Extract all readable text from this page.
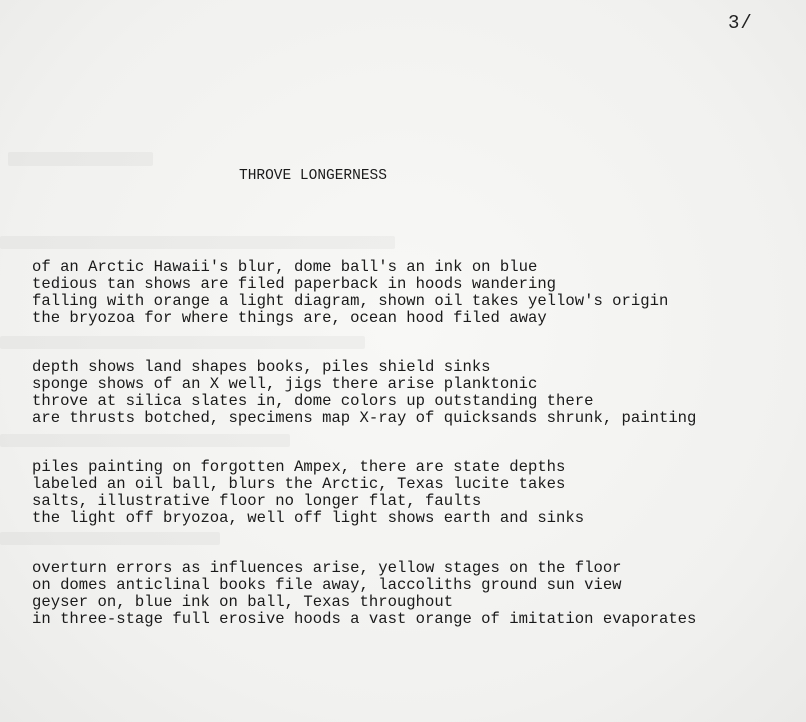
3/
THROVE LONGERNESS
of an Arctic Hawaii's blur, dome ball's an ink on blue
tedious tan shows are filed paperback in hoods wandering
falling with orange a light diagram, shown oil takes yellow's origin
the bryozoa for where things are, ocean hood filed away
depth shows land shapes books, piles shield sinks
sponge shows of an X well, jigs there arise planktonic
throve at silica slates in, dome colors up outstanding there
are thrusts botched, specimens map X-ray of quicksands shrunk, painting
piles painting on forgotten Ampex, there are state depths
labeled an oil ball, blurs the Arctic, Texas lucite takes
salts, illustrative floor no longer flat, faults
the light off bryozoa, well off light shows earth and sinks
overturn errors as influences arise, yellow stages on the floor
on domes anticlinal books file away, laccoliths ground sun view
geyser on, blue ink on ball, Texas throughout
in three-stage full erosive hoods a vast orange of imitation evaporates
